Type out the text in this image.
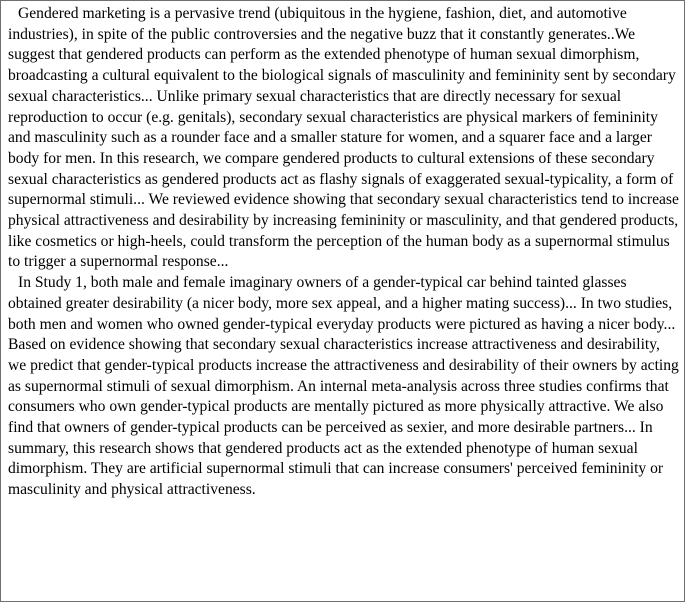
Gendered marketing is a pervasive trend (ubiquitous in the hygiene, fashion, diet, and automotive industries), in spite of the public controversies and the negative buzz that it constantly generates..We suggest that gendered products can perform as the extended phenotype of human sexual dimorphism, broadcasting a cultural equivalent to the biological signals of masculinity and femininity sent by secondary sexual characteristics... Unlike primary sexual characteristics that are directly necessary for sexual reproduction to occur (e.g. genitals), secondary sexual characteristics are physical markers of femininity and masculinity such as a rounder face and a smaller stature for women, and a squarer face and a larger body for men. In this research, we compare gendered products to cultural extensions of these secondary sexual characteristics as gendered products act as flashy signals of exaggerated sexual-typicality, a form of supernormal stimuli... We reviewed evidence showing that secondary sexual characteristics tend to increase physical attractiveness and desirability by increasing femininity or masculinity, and that gendered products, like cosmetics or high-heels, could transform the perception of the human body as a supernormal stimulus to trigger a supernormal response...

In Study 1, both male and female imaginary owners of a gender-typical car behind tainted glasses obtained greater desirability (a nicer body, more sex appeal, and a higher mating success)... In two studies, both men and women who owned gender-typical everyday products were pictured as having a nicer body... Based on evidence showing that secondary sexual characteristics increase attractiveness and desirability, we predict that gender-typical products increase the attractiveness and desirability of their owners by acting as supernormal stimuli of sexual dimorphism. An internal meta-analysis across three studies confirms that consumers who own gender-typical products are mentally pictured as more physically attractive. We also find that owners of gender-typical products can be perceived as sexier, and more desirable partners... In summary, this research shows that gendered products act as the extended phenotype of human sexual dimorphism. They are artificial supernormal stimuli that can increase consumers' perceived femininity or masculinity and physical attractiveness.
